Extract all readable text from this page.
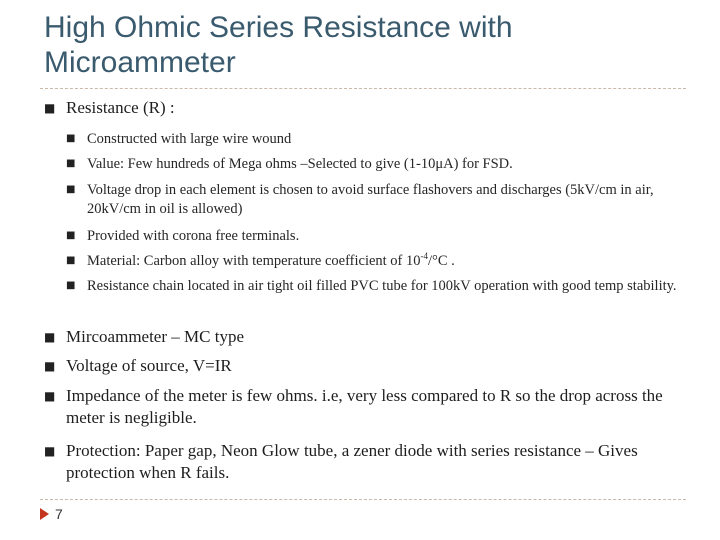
High Ohmic Series Resistance with Microammeter
■ Resistance (R) :
■ Constructed with large wire wound
■ Value: Few hundreds of Mega ohms –Selected to give (1-10μA) for FSD.
■ Voltage drop in each element is chosen to avoid surface flashovers and discharges (5kV/cm in air, 20kV/cm in oil is allowed)
■ Provided with corona free terminals.
■ Material: Carbon alloy with temperature coefficient of $10^{-4}/^\circ C$ .
■ Resistance chain located in air tight oil filled PVC tube for 100kV operation with good temp stability.
■ Mircoammeter – MC type
■ Voltage of source, V=IR
■ Impedance of the meter is few ohms. i.e, very less compared to R so the drop across the meter is negligible.
■ Protection: Paper gap, Neon Glow tube, a zener diode with series resistance – Gives protection when R fails.
7
